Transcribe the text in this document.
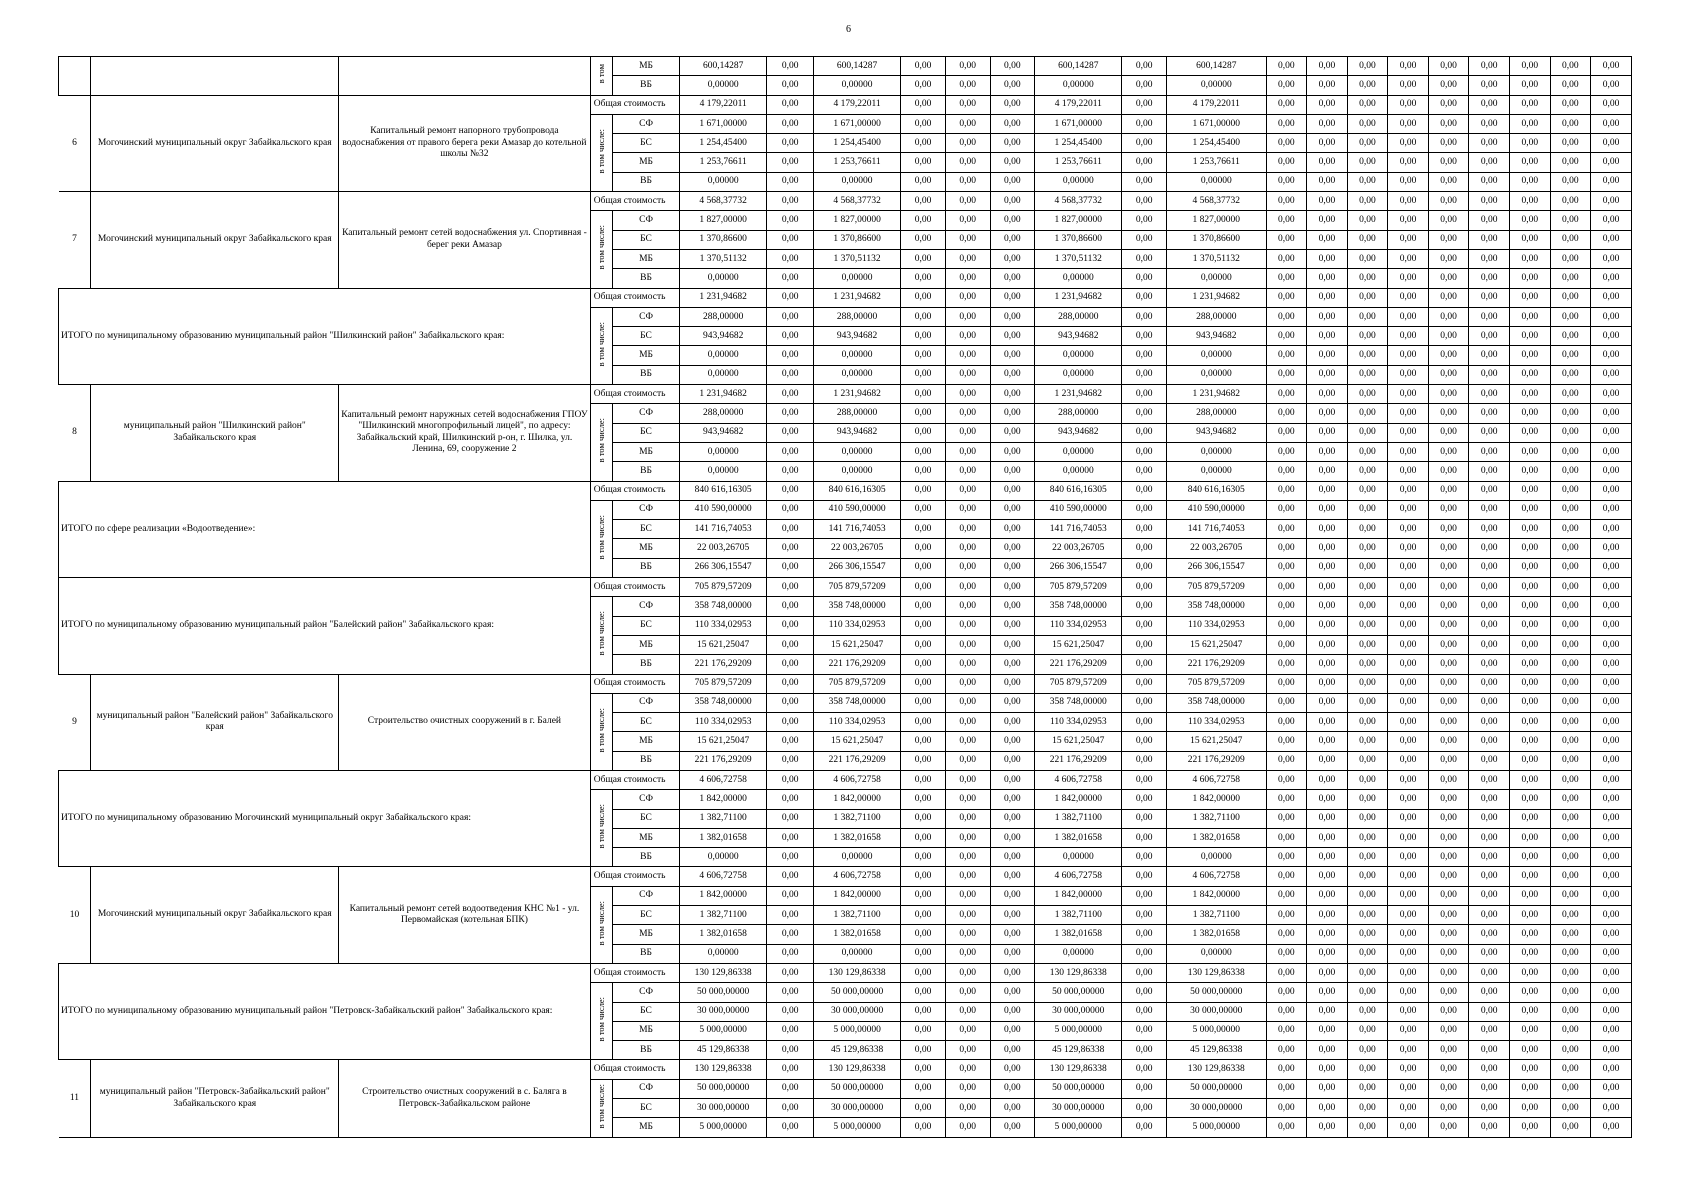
6
			в том	МБ	600,14287	0,00	600,14287	0,00	0,00	0,00	600,14287	0,00	600,14287	0,00	0,00	0,00	0,00	0,00	0,00	0,00	0,00	0,00
				ВБ	0,00000	0,00	0,00000	0,00	0,00	0,00	0,00000	0,00	0,00000	0,00	0,00	0,00	0,00	0,00	0,00	0,00	0,00	0,00
6	Могочинский муниципальный округ Забайкальского края	Капитальный ремонт напорного трубопровода водоснабжения от правого берега реки Амазар до котельной школы №32	Общая стоимость		4 179,22011	0,00	4 179,22011	0,00	0,00	0,00	4 179,22011	0,00	4 179,22011	0,00	0,00	0,00	0,00	0,00	0,00	0,00	0,00	0,00
			в том числе:	СФ	1 671,00000	0,00	1 671,00000	0,00	0,00	0,00	1 671,00000	0,00	1 671,00000	0,00	0,00	0,00	0,00	0,00	0,00	0,00	0,00	0,00
				БС	1 254,45400	0,00	1 254,45400	0,00	0,00	0,00	1 254,45400	0,00	1 254,45400	0,00	0,00	0,00	0,00	0,00	0,00	0,00	0,00	0,00
				МБ	1 253,76611	0,00	1 253,76611	0,00	0,00	0,00	1 253,76611	0,00	1 253,76611	0,00	0,00	0,00	0,00	0,00	0,00	0,00	0,00	0,00
				ВБ	0,00000	0,00	0,00000	0,00	0,00	0,00	0,00000	0,00	0,00000	0,00	0,00	0,00	0,00	0,00	0,00	0,00	0,00	0,00
7	Могочинский муниципальный округ Забайкальского края	Капитальный ремонт сетей водоснабжения ул. Спортивная - берег реки Амазар	Общая стоимость		4 568,37732	0,00	4 568,37732	0,00	0,00	0,00	4 568,37732	0,00	4 568,37732	0,00	0,00	0,00	0,00	0,00	0,00	0,00	0,00	0,00
			в том числе:	СФ	1 827,00000	0,00	1 827,00000	0,00	0,00	0,00	1 827,00000	0,00	1 827,00000	0,00	0,00	0,00	0,00	0,00	0,00	0,00	0,00	0,00
				БС	1 370,86600	0,00	1 370,86600	0,00	0,00	0,00	1 370,86600	0,00	1 370,86600	0,00	0,00	0,00	0,00	0,00	0,00	0,00	0,00	0,00
				МБ	1 370,51132	0,00	1 370,51132	0,00	0,00	0,00	1 370,51132	0,00	1 370,51132	0,00	0,00	0,00	0,00	0,00	0,00	0,00	0,00	0,00
				ВБ	0,00000	0,00	0,00000	0,00	0,00	0,00	0,00000	0,00	0,00000	0,00	0,00	0,00	0,00	0,00	0,00	0,00	0,00	0,00
ИТОГО по муниципальному образованию муниципальный район "Шилкинский район" Забайкальского края:			Общая стоимость		1 231,94682	0,00	1 231,94682	0,00	0,00	0,00	1 231,94682	0,00	1 231,94682	0,00	0,00	0,00	0,00	0,00	0,00	0,00	0,00	0,00
			в том числе:	СФ	288,00000	0,00	288,00000	0,00	0,00	0,00	288,00000	0,00	288,00000	0,00	0,00	0,00	0,00	0,00	0,00	0,00	0,00	0,00
				БС	943,94682	0,00	943,94682	0,00	0,00	0,00	943,94682	0,00	943,94682	0,00	0,00	0,00	0,00	0,00	0,00	0,00	0,00	0,00
				МБ	0,00000	0,00	0,00000	0,00	0,00	0,00	0,00000	0,00	0,00000	0,00	0,00	0,00	0,00	0,00	0,00	0,00	0,00	0,00
				ВБ	0,00000	0,00	0,00000	0,00	0,00	0,00	0,00000	0,00	0,00000	0,00	0,00	0,00	0,00	0,00	0,00	0,00	0,00	0,00
8	муниципальный район "Шилкинский район" Забайкальского края	Капитальный ремонт наружных сетей водоснабжения ГПОУ "Шилкинский многопрофильный лицей", по адресу: Забайкальский край, Шилкинский р-он, г. Шилка, ул. Ленина, 69, сооружение 2	Общая стоимость		1 231,94682	0,00	1 231,94682	0,00	0,00	0,00	1 231,94682	0,00	1 231,94682	0,00	0,00	0,00	0,00	0,00	0,00	0,00	0,00	0,00
			в том числе:	СФ	288,00000	0,00	288,00000	0,00	0,00	0,00	288,00000	0,00	288,00000	0,00	0,00	0,00	0,00	0,00	0,00	0,00	0,00	0,00
				БС	943,94682	0,00	943,94682	0,00	0,00	0,00	943,94682	0,00	943,94682	0,00	0,00	0,00	0,00	0,00	0,00	0,00	0,00	0,00
				МБ	0,00000	0,00	0,00000	0,00	0,00	0,00	0,00000	0,00	0,00000	0,00	0,00	0,00	0,00	0,00	0,00	0,00	0,00	0,00
				ВБ	0,00000	0,00	0,00000	0,00	0,00	0,00	0,00000	0,00	0,00000	0,00	0,00	0,00	0,00	0,00	0,00	0,00	0,00	0,00
ИТОГО по сфере реализации «Водоотведение»:			Общая стоимость		840 616,16305	0,00	840 616,16305	0,00	0,00	0,00	840 616,16305	0,00	840 616,16305	0,00	0,00	0,00	0,00	0,00	0,00	0,00	0,00	0,00
			в том числе:	СФ	410 590,00000	0,00	410 590,00000	0,00	0,00	0,00	410 590,00000	0,00	410 590,00000	0,00	0,00	0,00	0,00	0,00	0,00	0,00	0,00	0,00
				БС	141 716,74053	0,00	141 716,74053	0,00	0,00	0,00	141 716,74053	0,00	141 716,74053	0,00	0,00	0,00	0,00	0,00	0,00	0,00	0,00	0,00
				МБ	22 003,26705	0,00	22 003,26705	0,00	0,00	0,00	22 003,26705	0,00	22 003,26705	0,00	0,00	0,00	0,00	0,00	0,00	0,00	0,00	0,00
				ВБ	266 306,15547	0,00	266 306,15547	0,00	0,00	0,00	266 306,15547	0,00	266 306,15547	0,00	0,00	0,00	0,00	0,00	0,00	0,00	0,00	0,00
ИТОГО по муниципальному образованию муниципальный район "Балейский район" Забайкальского края:			Общая стоимость		705 879,57209	0,00	705 879,57209	0,00	0,00	0,00	705 879,57209	0,00	705 879,57209	0,00	0,00	0,00	0,00	0,00	0,00	0,00	0,00	0,00
			в том числе:	СФ	358 748,00000	0,00	358 748,00000	0,00	0,00	0,00	358 748,00000	0,00	358 748,00000	0,00	0,00	0,00	0,00	0,00	0,00	0,00	0,00	0,00
				БС	110 334,02953	0,00	110 334,02953	0,00	0,00	0,00	110 334,02953	0,00	110 334,02953	0,00	0,00	0,00	0,00	0,00	0,00	0,00	0,00	0,00
				МБ	15 621,25047	0,00	15 621,25047	0,00	0,00	0,00	15 621,25047	0,00	15 621,25047	0,00	0,00	0,00	0,00	0,00	0,00	0,00	0,00	0,00
				ВБ	221 176,29209	0,00	221 176,29209	0,00	0,00	0,00	221 176,29209	0,00	221 176,29209	0,00	0,00	0,00	0,00	0,00	0,00	0,00	0,00	0,00
9	муниципальный район "Балейский район" Забайкальского края	Строительство очистных сооружений в г. Балей	Общая стоимость		705 879,57209	0,00	705 879,57209	0,00	0,00	0,00	705 879,57209	0,00	705 879,57209	0,00	0,00	0,00	0,00	0,00	0,00	0,00	0,00	0,00
			в том числе:	СФ	358 748,00000	0,00	358 748,00000	0,00	0,00	0,00	358 748,00000	0,00	358 748,00000	0,00	0,00	0,00	0,00	0,00	0,00	0,00	0,00	0,00
				БС	110 334,02953	0,00	110 334,02953	0,00	0,00	0,00	110 334,02953	0,00	110 334,02953	0,00	0,00	0,00	0,00	0,00	0,00	0,00	0,00	0,00
				МБ	15 621,25047	0,00	15 621,25047	0,00	0,00	0,00	15 621,25047	0,00	15 621,25047	0,00	0,00	0,00	0,00	0,00	0,00	0,00	0,00	0,00
				ВБ	221 176,29209	0,00	221 176,29209	0,00	0,00	0,00	221 176,29209	0,00	221 176,29209	0,00	0,00	0,00	0,00	0,00	0,00	0,00	0,00	0,00
ИТОГО по муниципальному образованию Могочинский муниципальный округ Забайкальского края:			Общая стоимость		4 606,72758	0,00	4 606,72758	0,00	0,00	0,00	4 606,72758	0,00	4 606,72758	0,00	0,00	0,00	0,00	0,00	0,00	0,00	0,00	0,00
			в том числе:	СФ	1 842,00000	0,00	1 842,00000	0,00	0,00	0,00	1 842,00000	0,00	1 842,00000	0,00	0,00	0,00	0,00	0,00	0,00	0,00	0,00	0,00
				БС	1 382,71100	0,00	1 382,71100	0,00	0,00	0,00	1 382,71100	0,00	1 382,71100	0,00	0,00	0,00	0,00	0,00	0,00	0,00	0,00	0,00
				МБ	1 382,01658	0,00	1 382,01658	0,00	0,00	0,00	1 382,01658	0,00	1 382,01658	0,00	0,00	0,00	0,00	0,00	0,00	0,00	0,00	0,00
				ВБ	0,00000	0,00	0,00000	0,00	0,00	0,00	0,00000	0,00	0,00000	0,00	0,00	0,00	0,00	0,00	0,00	0,00	0,00	0,00
10	Могочинский муниципальный округ Забайкальского края	Капитальный ремонт сетей водоотведения КНС №1 - ул. Первомайская (котельная БПК)	Общая стоимость		4 606,72758	0,00	4 606,72758	0,00	0,00	0,00	4 606,72758	0,00	4 606,72758	0,00	0,00	0,00	0,00	0,00	0,00	0,00	0,00	0,00
			в том числе:	СФ	1 842,00000	0,00	1 842,00000	0,00	0,00	0,00	1 842,00000	0,00	1 842,00000	0,00	0,00	0,00	0,00	0,00	0,00	0,00	0,00	0,00
				БС	1 382,71100	0,00	1 382,71100	0,00	0,00	0,00	1 382,71100	0,00	1 382,71100	0,00	0,00	0,00	0,00	0,00	0,00	0,00	0,00	0,00
				МБ	1 382,01658	0,00	1 382,01658	0,00	0,00	0,00	1 382,01658	0,00	1 382,01658	0,00	0,00	0,00	0,00	0,00	0,00	0,00	0,00	0,00
				ВБ	0,00000	0,00	0,00000	0,00	0,00	0,00	0,00000	0,00	0,00000	0,00	0,00	0,00	0,00	0,00	0,00	0,00	0,00	0,00
ИТОГО по муниципальному образованию муниципальный район "Петровск-Забайкальский район" Забайкальского края:			Общая стоимость		130 129,86338	0,00	130 129,86338	0,00	0,00	0,00	130 129,86338	0,00	130 129,86338	0,00	0,00	0,00	0,00	0,00	0,00	0,00	0,00	0,00
			в том числе:	СФ	50 000,00000	0,00	50 000,00000	0,00	0,00	0,00	50 000,00000	0,00	50 000,00000	0,00	0,00	0,00	0,00	0,00	0,00	0,00	0,00	0,00
				БС	30 000,00000	0,00	30 000,00000	0,00	0,00	0,00	30 000,00000	0,00	30 000,00000	0,00	0,00	0,00	0,00	0,00	0,00	0,00	0,00	0,00
				МБ	5 000,00000	0,00	5 000,00000	0,00	0,00	0,00	5 000,00000	0,00	5 000,00000	0,00	0,00	0,00	0,00	0,00	0,00	0,00	0,00	0,00
				ВБ	45 129,86338	0,00	45 129,86338	0,00	0,00	0,00	45 129,86338	0,00	45 129,86338	0,00	0,00	0,00	0,00	0,00	0,00	0,00	0,00	0,00
11	муниципальный район "Петровск-Забайкальский район" Забайкальского края	Строительство очистных сооружений в с. Балягa в Петровск-Забайкальском районе	Общая стоимость		130 129,86338	0,00	130 129,86338	0,00	0,00	0,00	130 129,86338	0,00	130 129,86338	0,00	0,00	0,00	0,00	0,00	0,00	0,00	0,00	0,00
			в том числе:	СФ	50 000,00000	0,00	50 000,00000	0,00	0,00	0,00	50 000,00000	0,00	50 000,00000	0,00	0,00	0,00	0,00	0,00	0,00	0,00	0,00	0,00
				БС	30 000,00000	0,00	30 000,00000	0,00	0,00	0,00	30 000,00000	0,00	30 000,00000	0,00	0,00	0,00	0,00	0,00	0,00	0,00	0,00	0,00
				МБ	5 000,00000	0,00	5 000,00000	0,00	0,00	0,00	5 000,00000	0,00	5 000,00000	0,00	0,00	0,00	0,00	0,00	0,00	0,00	0,00	0,00
